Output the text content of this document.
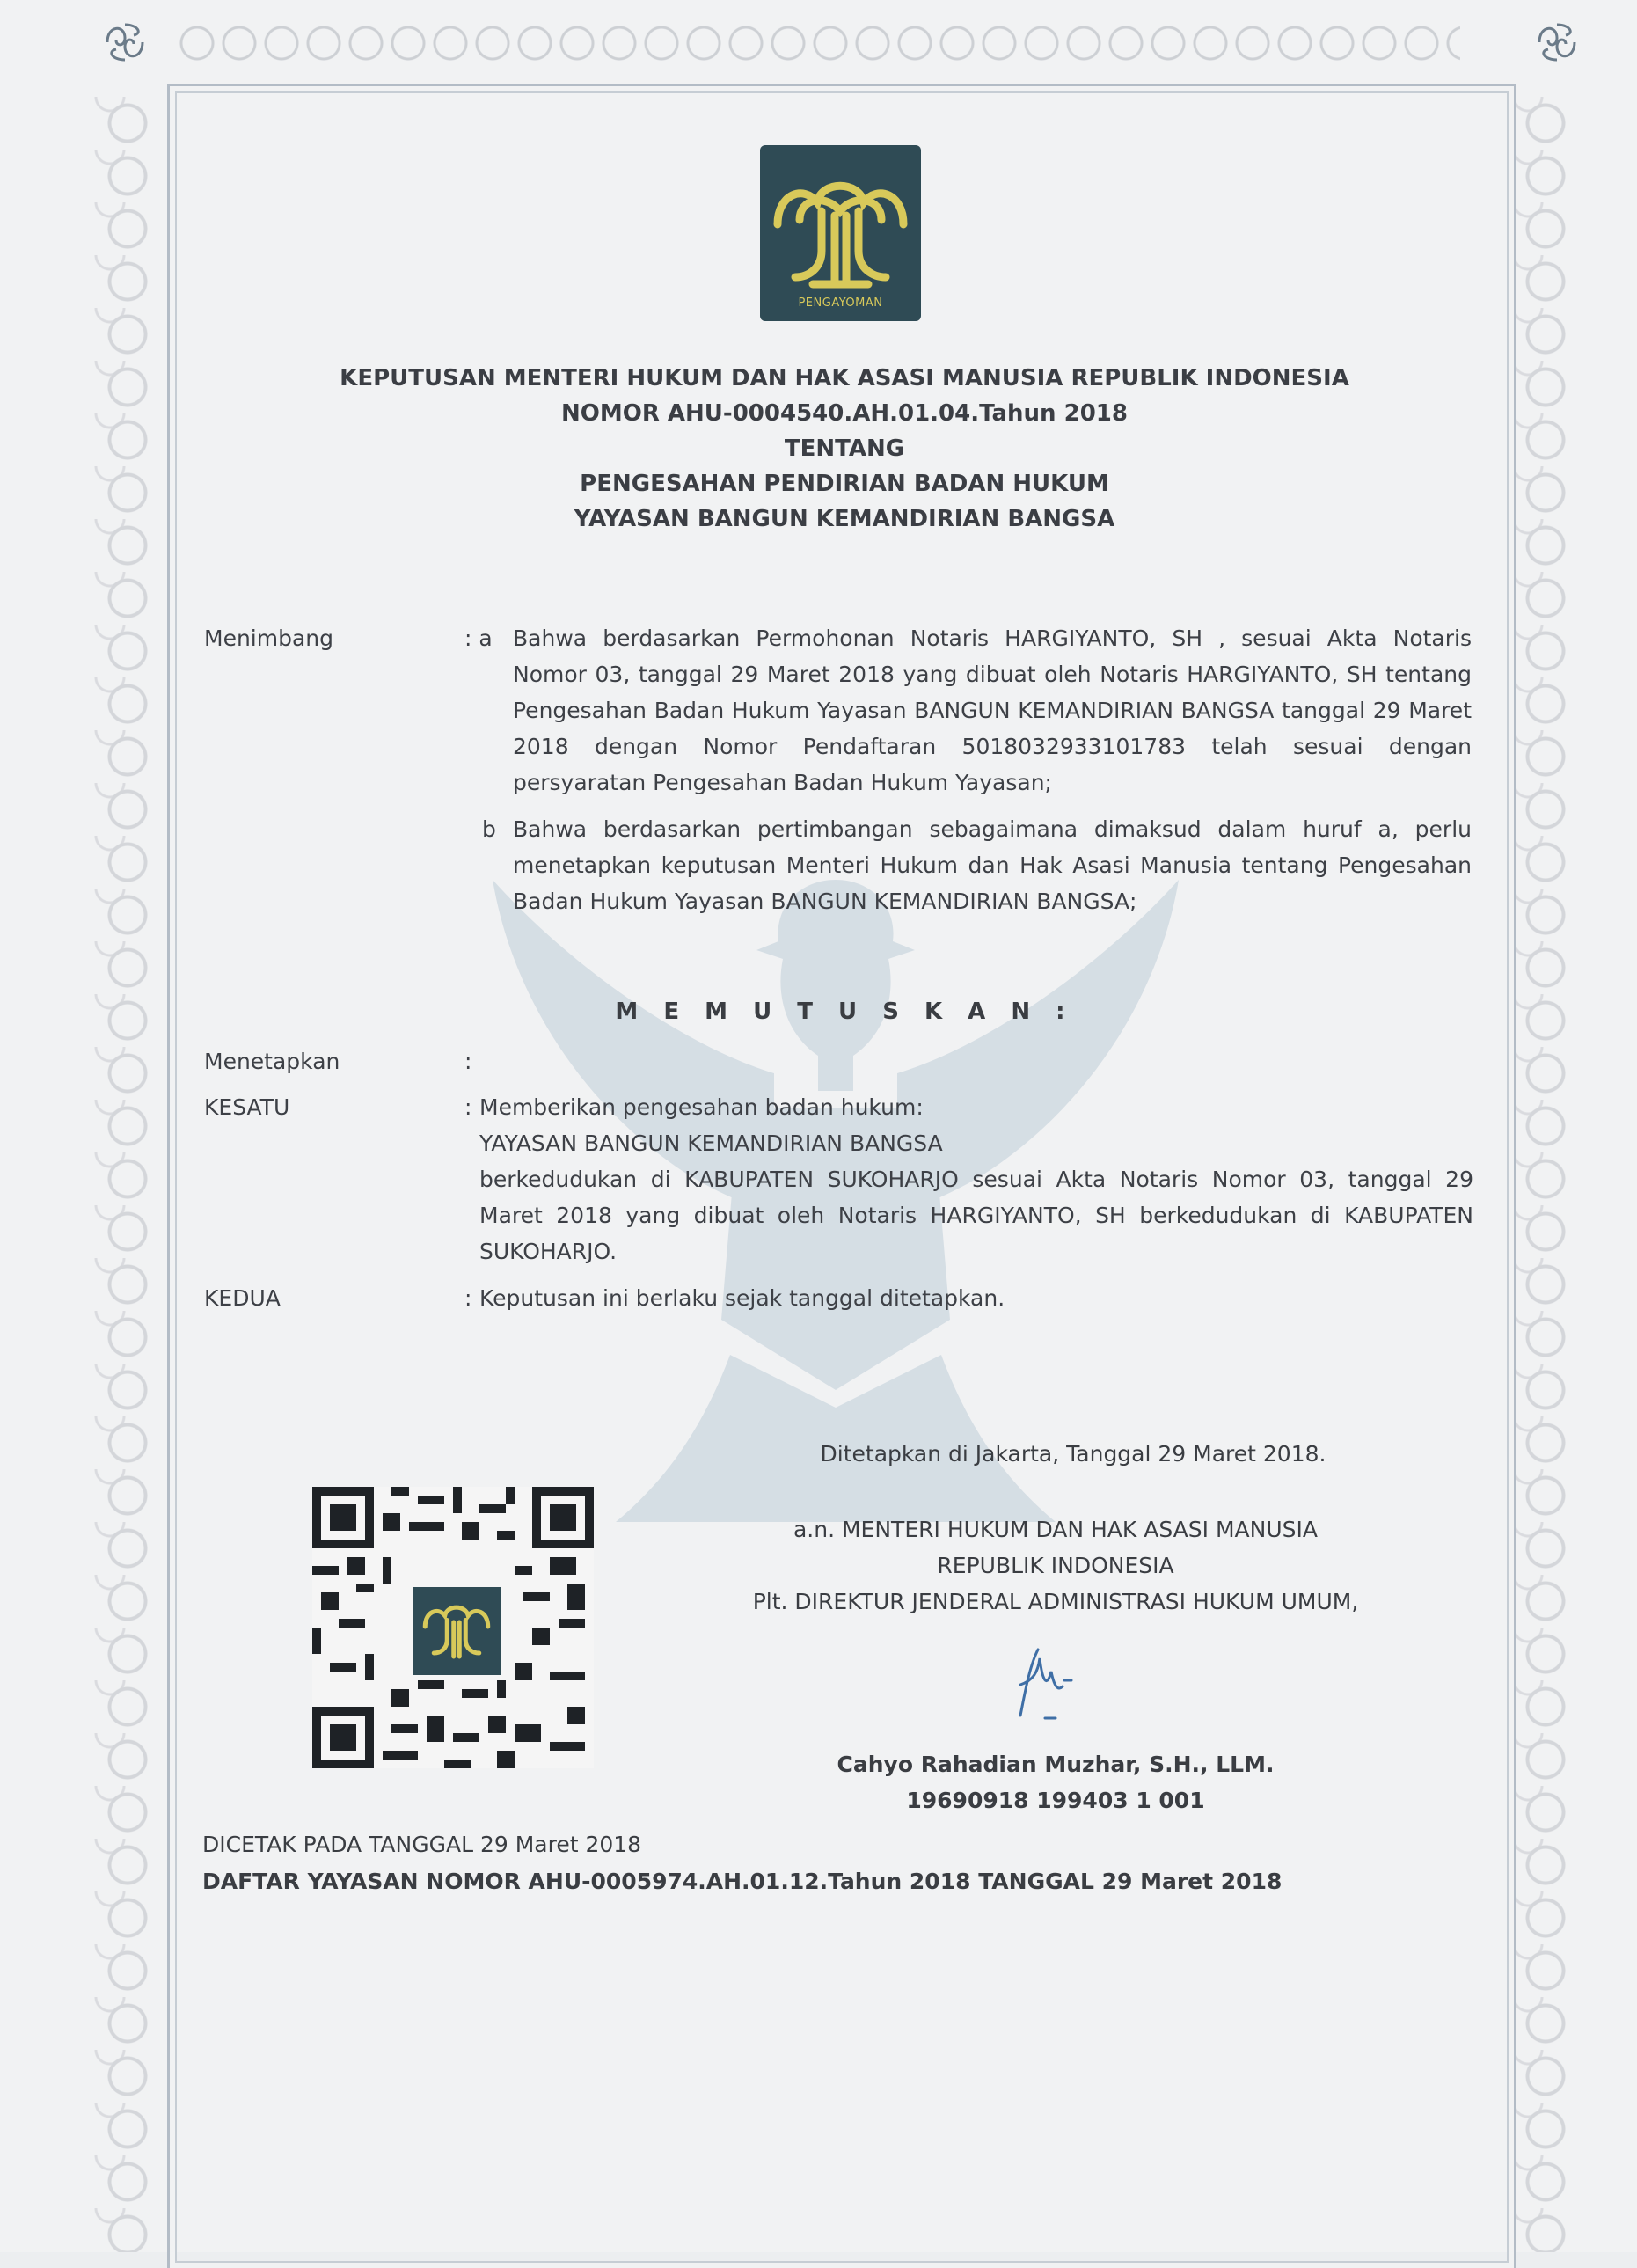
PENGAYOMAN
KEPUTUSAN MENTERI HUKUM DAN HAK ASASI MANUSIA REPUBLIK INDONESIA
NOMOR AHU-0004540.AH.01.04.Tahun 2018
TENTANG
PENGESAHAN PENDIRIAN BADAN HUKUM
YAYASAN BANGUN KEMANDIRIAN BANGSA
Menimbang	: a Bahwa berdasarkan Permohonan Notaris HARGIYANTO, SH , sesuai Akta Notaris Nomor 03, tanggal 29 Maret 2018 yang dibuat oleh Notaris HARGIYANTO, SH tentang Pengesahan Badan Hukum Yayasan BANGUN KEMANDIRIAN BANGSA tanggal 29 Maret 2018 dengan Nomor Pendaftaran 5018032933101783 telah sesuai dengan persyaratan Pengesahan Badan Hukum Yayasan;
b Bahwa berdasarkan pertimbangan sebagaimana dimaksud dalam huruf a, perlu menetapkan keputusan Menteri Hukum dan Hak Asasi Manusia tentang Pengesahan Badan Hukum Yayasan BANGUN KEMANDIRIAN BANGSA;
M E M U T U S K A N :
Menetapkan	:
KESATU	: Memberikan pengesahan badan hukum:
YAYASAN BANGUN KEMANDIRIAN BANGSA
berkedudukan di KABUPATEN SUKOHARJO sesuai Akta Notaris Nomor 03, tanggal 29 Maret 2018 yang dibuat oleh Notaris HARGIYANTO, SH berkedudukan di KABUPATEN SUKOHARJO.
KEDUA	: Keputusan ini berlaku sejak tanggal ditetapkan.
Ditetapkan di Jakarta, Tanggal 29 Maret 2018.
a.n. MENTERI HUKUM DAN HAK ASASI MANUSIA
REPUBLIK INDONESIA
Plt. DIREKTUR JENDERAL ADMINISTRASI HUKUM UMUM,
Cahyo Rahadian Muzhar, S.H., LLM.
19690918 199403 1 001
DICETAK PADA TANGGAL 29 Maret 2018
DAFTAR YAYASAN NOMOR AHU-0005974.AH.01.12.Tahun 2018 TANGGAL 29 Maret 2018
